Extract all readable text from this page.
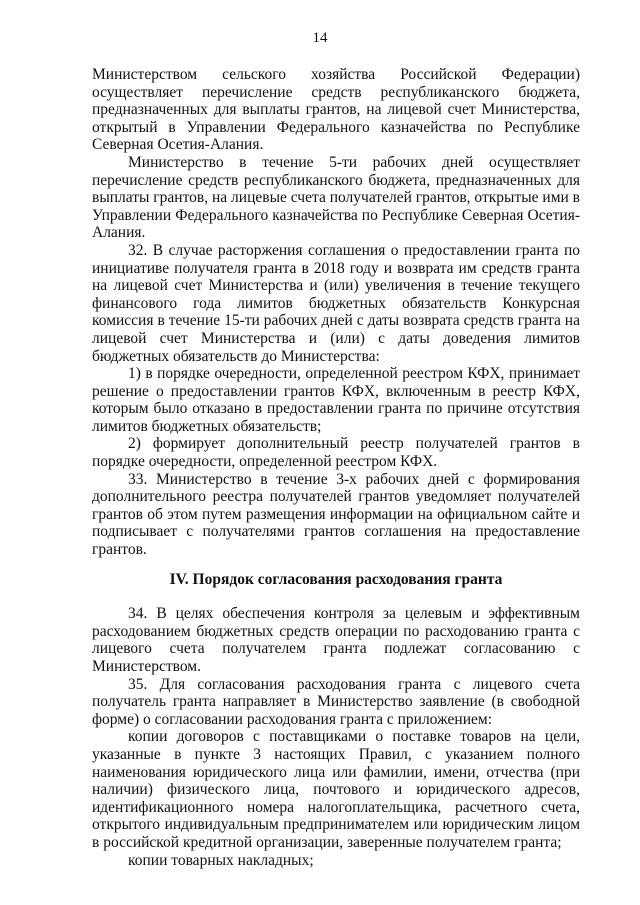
14

Министерством сельского хозяйства Российской Федерации) осуществляет перечисление средств республиканского бюджета, предназначенных для выплаты грантов, на лицевой счет Министерства, открытый в Управлении Федерального казначейства по Республике Северная Осетия-Алания.

Министерство в течение 5-ти рабочих дней осуществляет перечисление средств республиканского бюджета, предназначенных для выплаты грантов, на лицевые счета получателей грантов, открытые ими в Управлении Федерального казначейства по Республике Северная Осетия-Алания.

32. В случае расторжения соглашения о предоставлении гранта по инициативе получателя гранта в 2018 году и возврата им средств гранта на лицевой счет Министерства и (или) увеличения в течение текущего финансового года лимитов бюджетных обязательств Конкурсная комиссия в течение 15-ти рабочих дней с даты возврата средств гранта на лицевой счет Министерства и (или) с даты доведения лимитов бюджетных обязательств до Министерства:

1) в порядке очередности, определенной реестром КФХ, принимает решение о предоставлении грантов КФХ, включенным в реестр КФХ, которым было отказано в предоставлении гранта по причине отсутствия лимитов бюджетных обязательств;

2) формирует дополнительный реестр получателей грантов в порядке очередности, определенной реестром КФХ.

33. Министерство в течение 3-х рабочих дней с формирования дополнительного реестра получателей грантов уведомляет получателей грантов об этом путем размещения информации на официальном сайте и подписывает с получателями грантов соглашения на предоставление грантов.

IV. Порядок согласования расходования гранта

34. В целях обеспечения контроля за целевым и эффективным расходованием бюджетных средств операции по расходованию гранта с лицевого счета получателем гранта подлежат согласованию с Министерством.

35. Для согласования расходования гранта с лицевого счета получатель гранта направляет в Министерство заявление (в свободной форме) о согласовании расходования гранта с приложением:

копии договоров с поставщиками о поставке товаров на цели, указанные в пункте 3 настоящих Правил, с указанием полного наименования юридического лица или фамилии, имени, отчества (при наличии) физического лица, почтового и юридического адресов, идентификационного номера налогоплательщика, расчетного счета, открытого индивидуальным предпринимателем или юридическим лицом в российской кредитной организации, заверенные получателем гранта;

копии товарных накладных;
